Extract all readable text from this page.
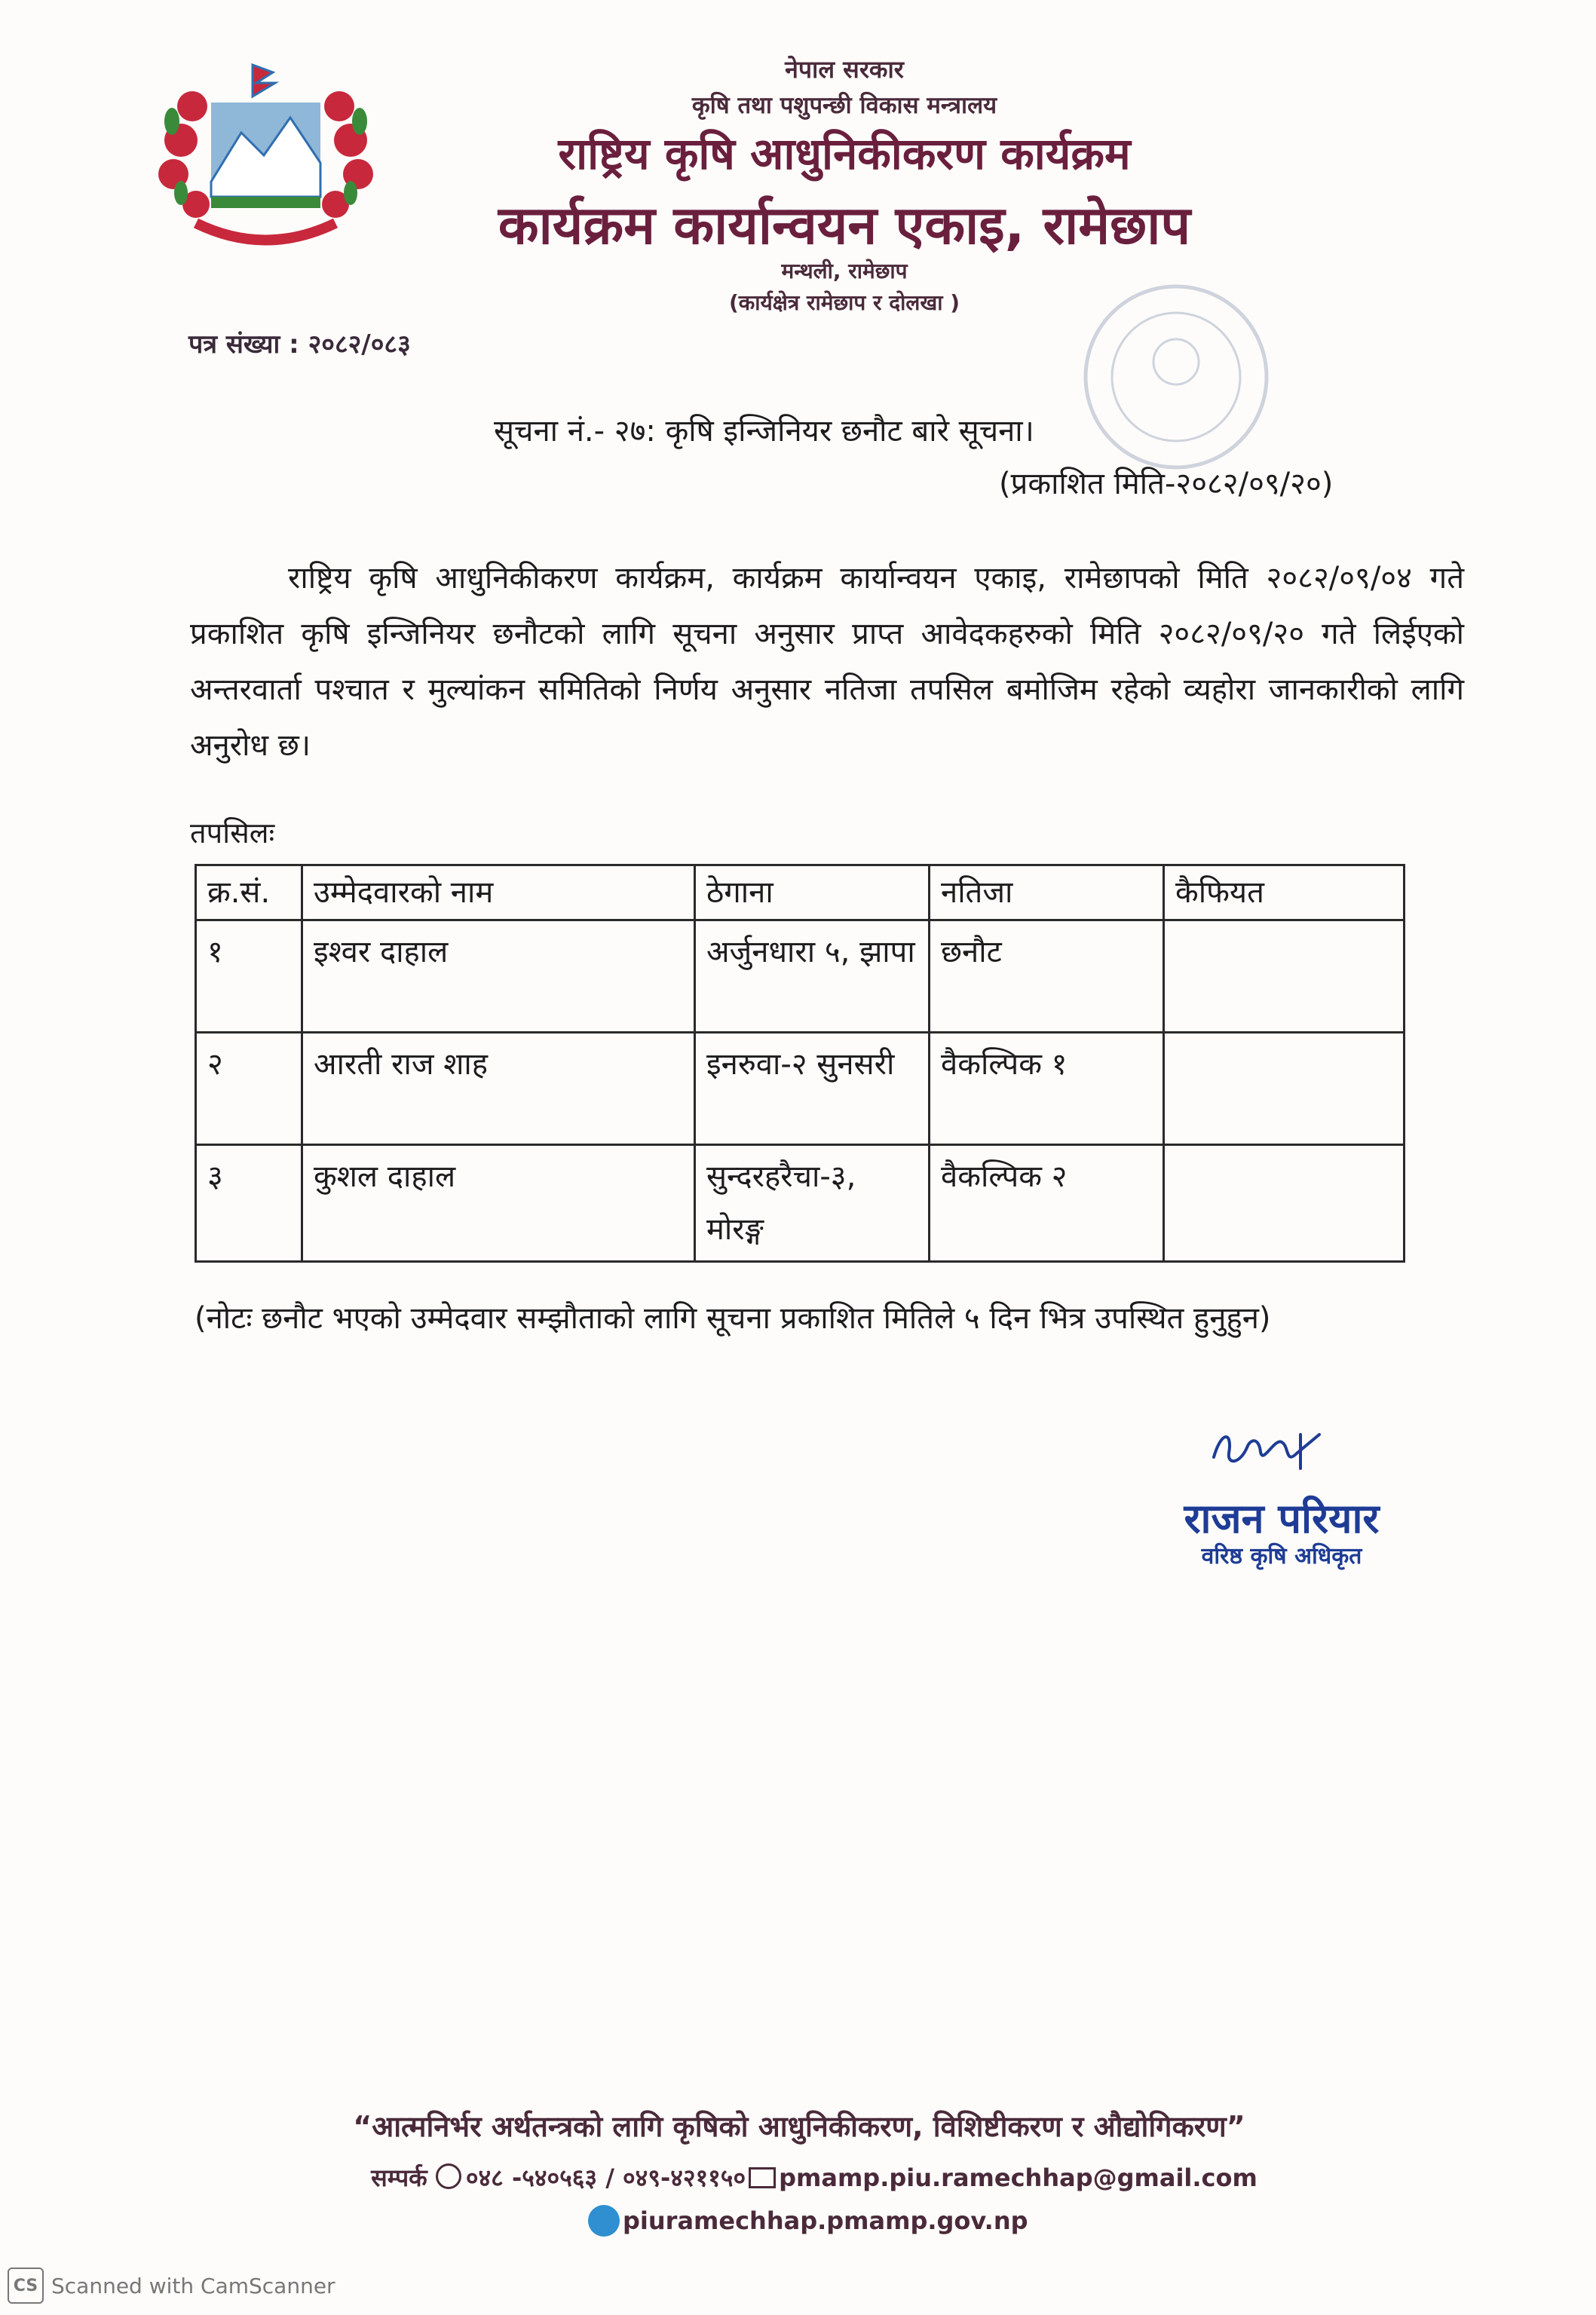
नेपाल सरकार
कृषि तथा पशुपन्छी विकास मन्त्रालय
राष्ट्रिय कृषि आधुनिकीकरण कार्यक्रम
कार्यक्रम कार्यान्वयन एकाइ, रामेछाप
मन्थली, रामेछाप
(कार्यक्षेत्र रामेछाप र दोलखा )
पत्र संख्या : २०८२/०८३
सूचना नं.- २७: कृषि इन्जिनियर छनौट बारे सूचना।
(प्रकाशित मिति-२०८२/०९/२०)
राष्ट्रिय कृषि आधुनिकीकरण कार्यक्रम, कार्यक्रम कार्यान्वयन एकाइ, रामेछापको मिति २०८२/०९/०४ गते प्रकाशित कृषि इन्जिनियर छनौटको लागि सूचना अनुसार प्राप्त आवेदकहरुको मिति २०८२/०९/२० गते लिईएको अन्तरवार्ता पश्चात र मुल्यांकन समितिको निर्णय अनुसार नतिजा तपसिल बमोजिम रहेको व्यहोरा जानकारीको लागि अनुरोध छ।
तपसिलः
क्र.सं.	उम्मेदवारको नाम	ठेगाना	नतिजा	कैफियत
१	इश्वर दाहाल	अर्जुनधारा ५, झापा	छनौट	
२	आरती राज शाह	इनरुवा-२ सुनसरी	वैकल्पिक १	
३	कुशल दाहाल	सुन्दरहरैचा-३, मोरङ्ग	वैकल्पिक २	
(नोटः छनौट भएको उम्मेदवार सम्झौताको लागि सूचना प्रकाशित मितिले ५ दिन भित्र उपस्थित हुनुहुन)
राजन परियार
वरिष्ठ कृषि अधिकृत
“आत्मनिर्भर अर्थतन्त्रको लागि कृषिको आधुनिकीकरण, विशिष्टीकरण र औद्योगिकरण”
सम्पर्क ०४८ -५४०५६३ / ०४९-४२११५० pmamp.piu.ramechhap@gmail.com
piuramechhap.pmamp.gov.np
CS Scanned with CamScanner
